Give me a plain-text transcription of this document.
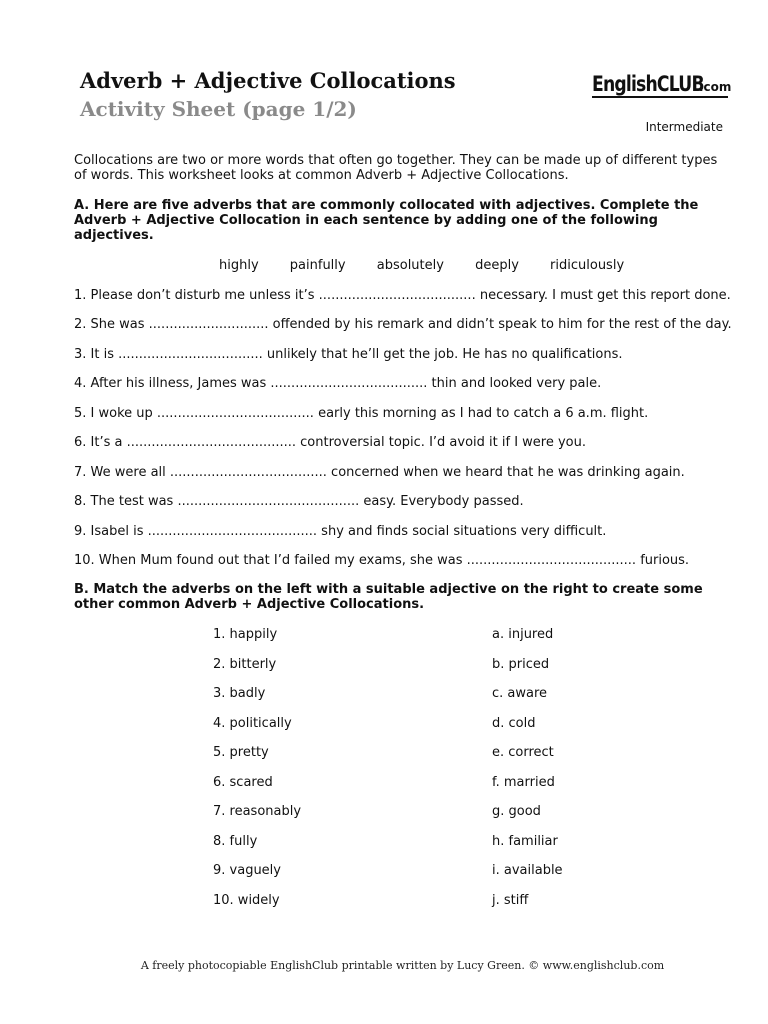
Adverb + Adjective Collocations
Activity Sheet (page 1/2)
EnglishCLUB
.com
Intermediate

Collocations are two or more words that often go together. They can be made up of different types of words. This worksheet looks at common Adverb + Adjective Collocations.

A. Here are five adverbs that are commonly collocated with adjectives. Complete the Adverb + Adjective Collocation in each sentence by adding one of the following adjectives.

highly painfully absolutely deeply ridiculously
1. Please don’t disturb me unless it’s ...................................... necessary. I must get this report done.
2. She was ............................. offended by his remark and didn’t speak to him for the rest of the day.
3. It is ................................... unlikely that he’ll get the job. He has no qualifications.
4. After his illness, James was ...................................... thin and looked very pale.
5. I woke up ...................................... early this morning as I had to catch a 6 a.m. flight.
6. It’s a ......................................... controversial topic. I’d avoid it if I were you.
7. We were all ...................................... concerned when we heard that he was drinking again.
8. The test was ............................................ easy. Everybody passed.
9. Isabel is ......................................... shy and finds social situations very difficult.
10. When Mum found out that I’d failed my exams, she was ......................................... furious.

B. Match the adverbs on the left with a suitable adjective on the right to create some other common Adverb + Adjective Collocations.

1. happily
2. bitterly
3. badly
4. politically
5. pretty
6. scared
7. reasonably
8. fully
9. vaguely
10. widely
a. injured
b. priced
c. aware
d. cold
e. correct
f. married
g. good
h. familiar
i. available
j. stiff
A freely photocopiable EnglishClub printable written by Lucy Green. © www.englishclub.com
